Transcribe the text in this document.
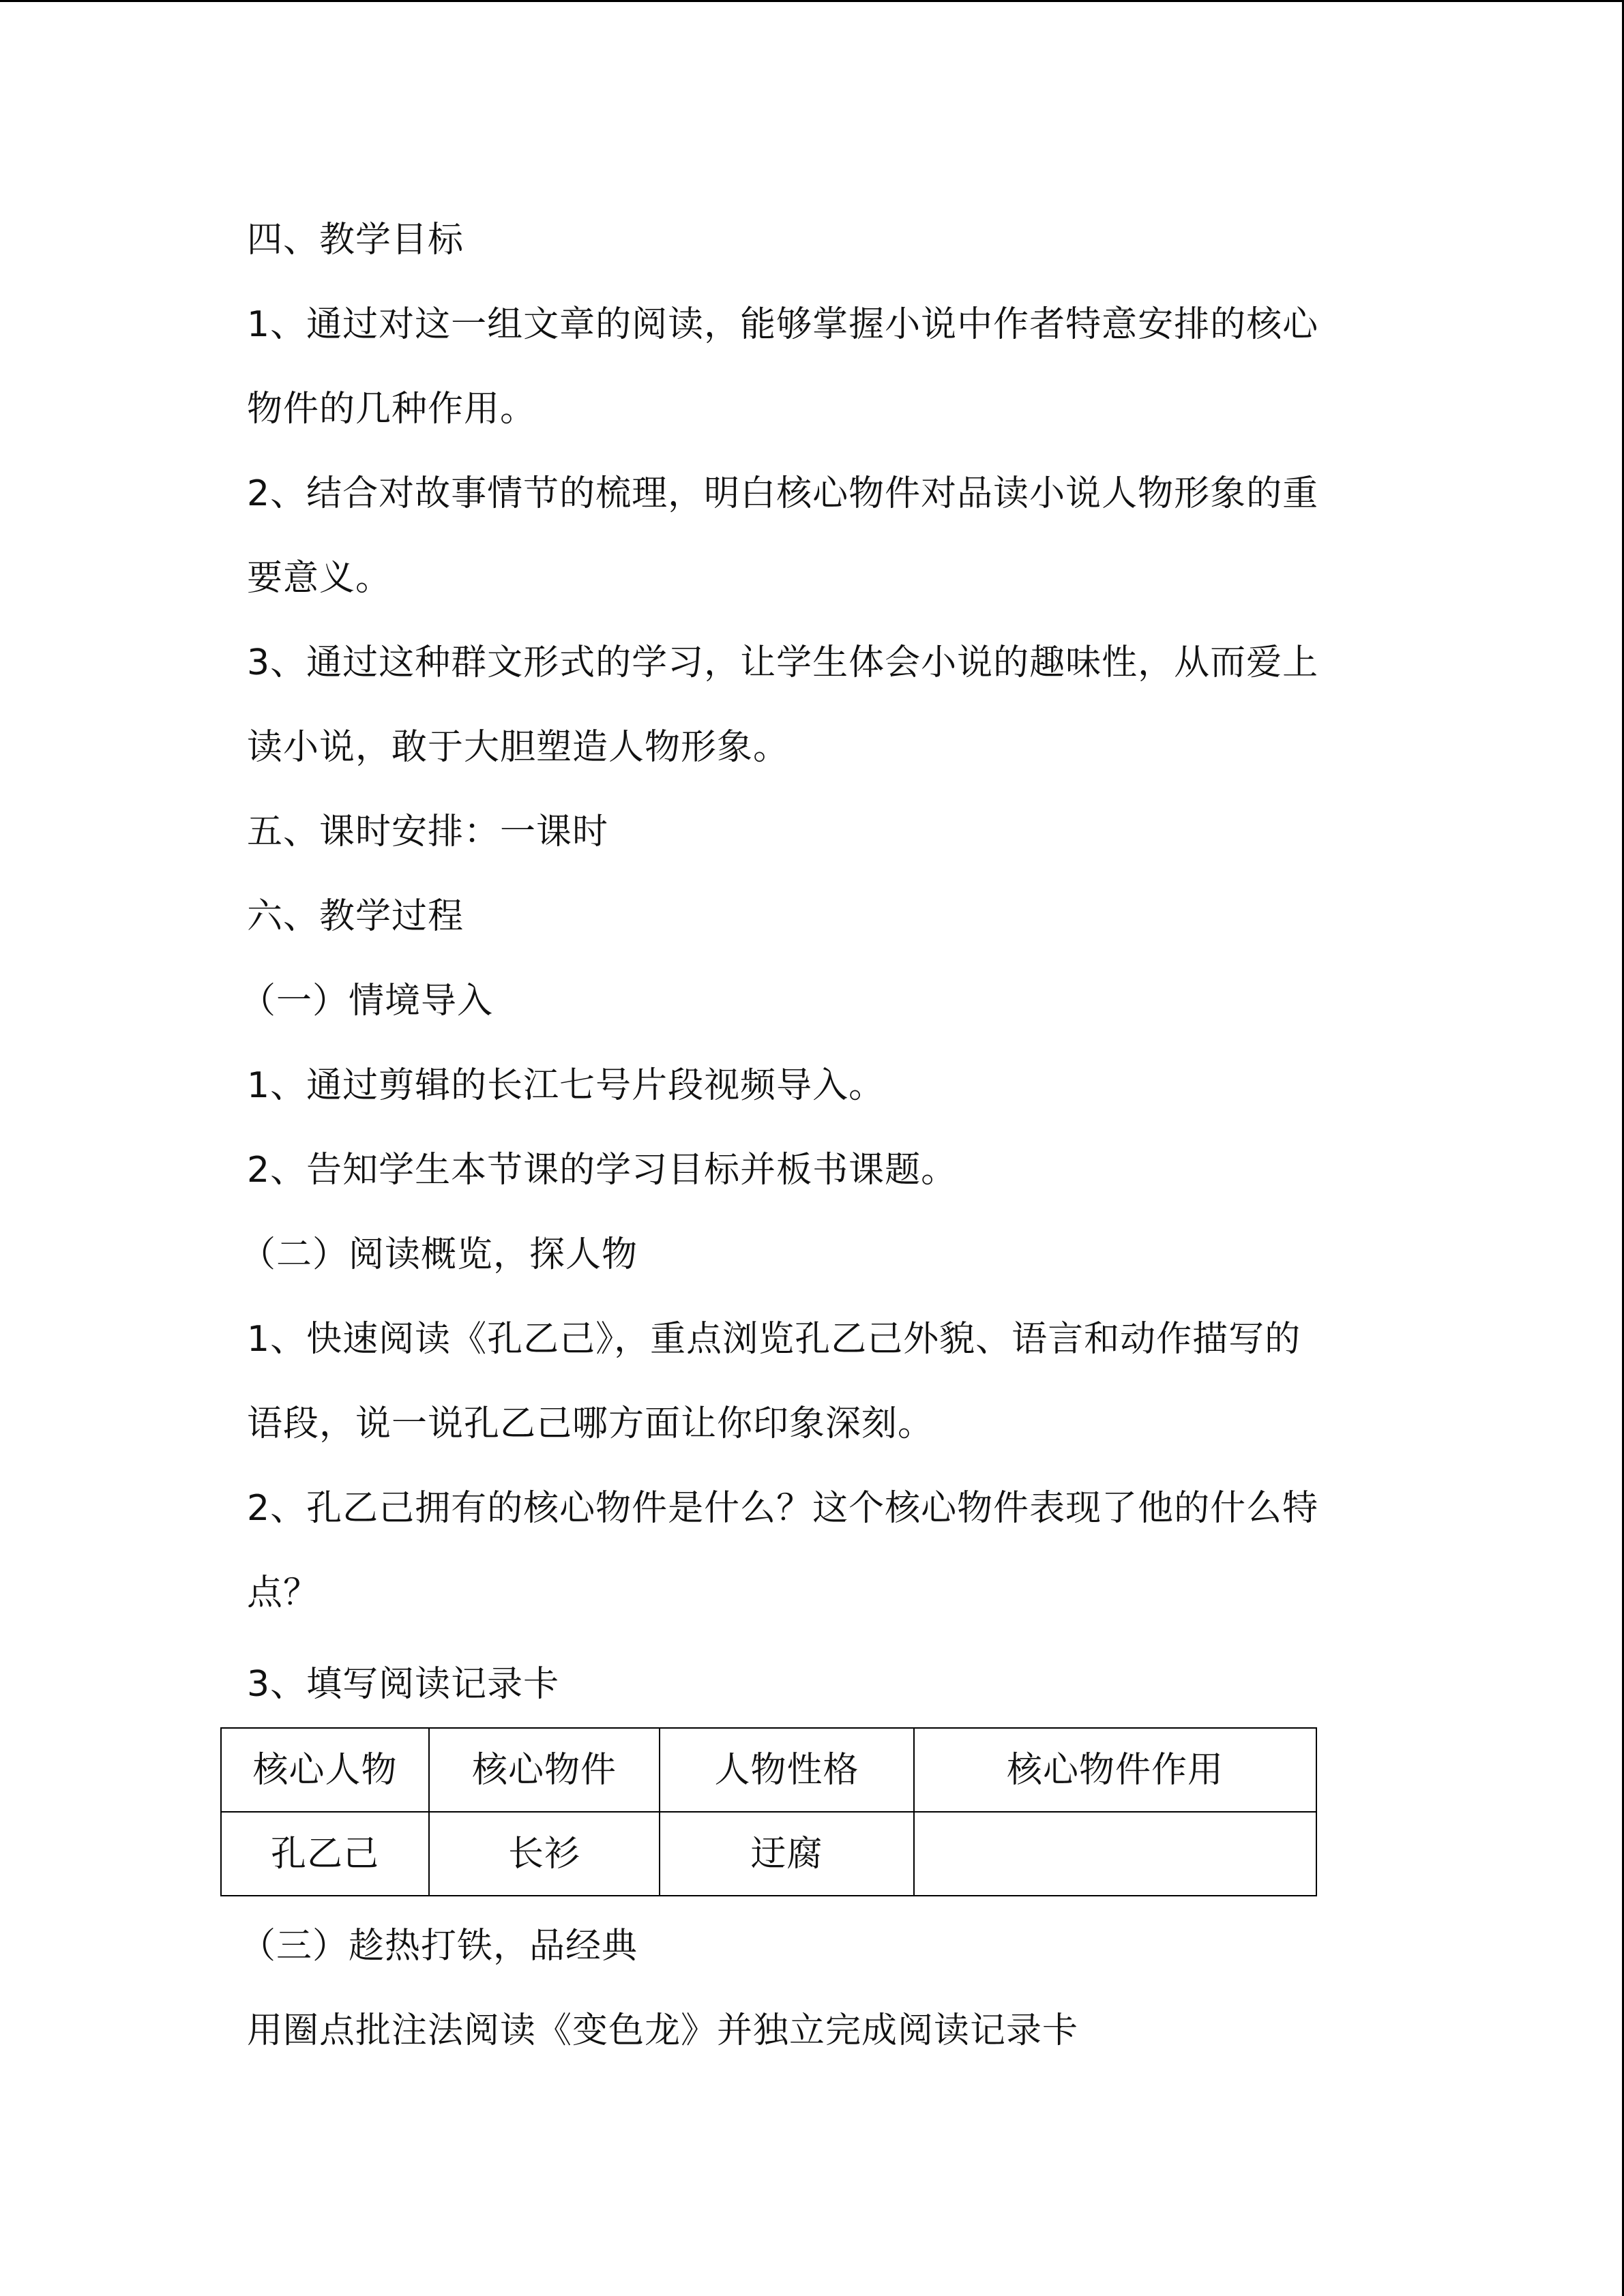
四、教学目标
1、通过对这一组文章的阅读，能够掌握小说中作者特意安排的核心
物件的几种作用。
2、结合对故事情节的梳理，明白核心物件对品读小说人物形象的重
要意义。
3、通过这种群文形式的学习，让学生体会小说的趣味性，从而爱上
读小说，敢于大胆塑造人物形象。
五、课时安排：一课时
六、教学过程
（一）情境导入
1、通过剪辑的长江七号片段视频导入。
2、告知学生本节课的学习目标并板书课题。
（二）阅读概览，探人物
1、快速阅读《孔乙己》，重点浏览孔乙己外貌、语言和动作描写的
语段，说一说孔乙己哪方面让你印象深刻。
2、孔乙己拥有的核心物件是什么？这个核心物件表现了他的什么特
点？
3、填写阅读记录卡
核心人物	核心物件	人物性格	核心物件作用
孔乙己	长衫	迂腐	
（三）趁热打铁，品经典
用圈点批注法阅读《变色龙》并独立完成阅读记录卡
